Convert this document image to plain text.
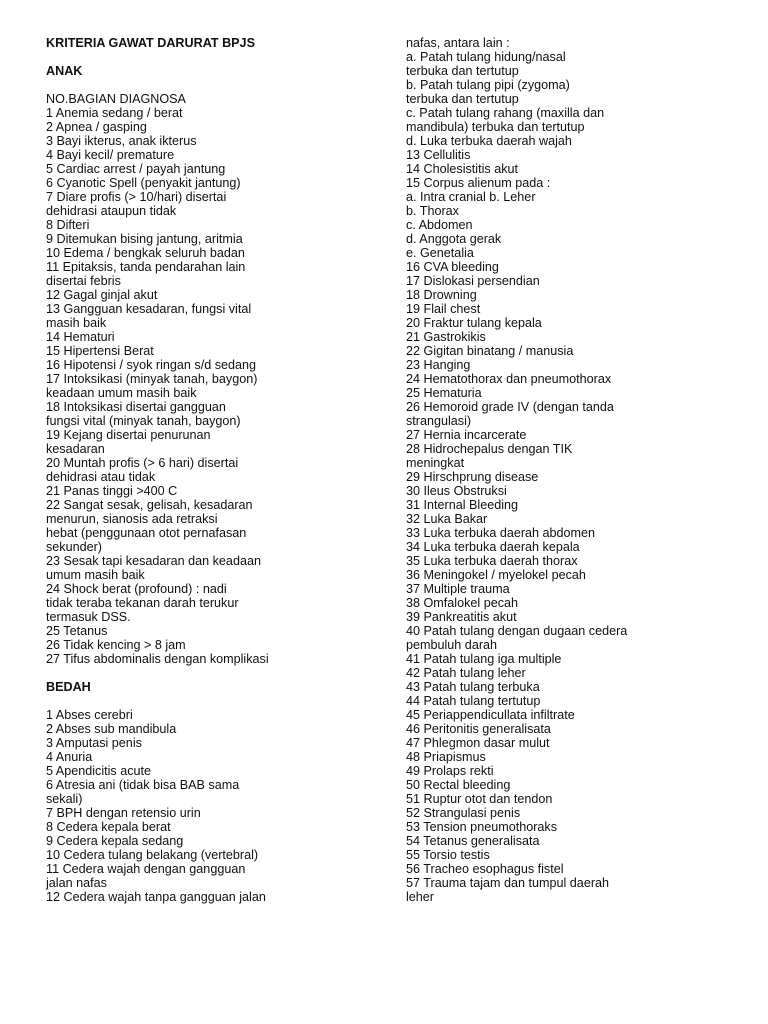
KRITERIA GAWAT DARURAT BPJS
ANAK
NO.BAGIAN DIAGNOSA
1 Anemia sedang / berat
2 Apnea / gasping
3 Bayi ikterus, anak ikterus
4 Bayi kecil/ premature
5 Cardiac arrest / payah jantung
6 Cyanotic Spell (penyakit jantung)
7 Diare profis (> 10/hari) disertai
dehidrasi ataupun tidak
8 Difteri
9 Ditemukan bising jantung, aritmia
10 Edema / bengkak seluruh badan
11 Epitaksis, tanda pendarahan lain
disertai febris
12 Gagal ginjal akut
13 Gangguan kesadaran, fungsi vital
masih baik
14 Hematuri
15 Hipertensi Berat
16 Hipotensi / syok ringan s/d sedang
17 Intoksikasi (minyak tanah, baygon)
keadaan umum masih baik
18 Intoksikasi disertai gangguan
fungsi vital (minyak tanah, baygon)
19 Kejang disertai penurunan
kesadaran
20 Muntah profis (> 6 hari) disertai
dehidrasi atau tidak
21 Panas tinggi >400 C
22 Sangat sesak, gelisah, kesadaran
menurun, sianosis ada retraksi
hebat (penggunaan otot pernafasan
sekunder)
23 Sesak tapi kesadaran dan keadaan
umum masih baik
24 Shock berat (profound) : nadi
tidak teraba tekanan darah terukur
termasuk DSS.
25 Tetanus
26 Tidak kencing > 8 jam
27 Tifus abdominalis dengan komplikasi
BEDAH
1 Abses cerebri
2 Abses sub mandibula
3 Amputasi penis
4 Anuria
5 Apendicitis acute
6 Atresia ani (tidak bisa BAB sama
sekali)
7 BPH dengan retensio urin
8 Cedera kepala berat
9 Cedera kepala sedang
10 Cedera tulang belakang (vertebral)
11 Cedera wajah dengan gangguan
jalan nafas
12 Cedera wajah tanpa gangguan jalan
nafas, antara lain :
a. Patah tulang hidung/nasal
terbuka dan tertutup
b. Patah tulang pipi (zygoma)
terbuka dan tertutup
c. Patah tulang rahang (maxilla dan
mandibula) terbuka dan tertutup
d. Luka terbuka daerah wajah
13 Cellulitis
14 Cholesistitis akut
15 Corpus alienum pada :
a. Intra cranial b. Leher
b. Thorax
c. Abdomen
d. Anggota gerak
e. Genetalia
16 CVA bleeding
17 Dislokasi persendian
18 Drowning
19 Flail chest
20 Fraktur tulang kepala
21 Gastrokikis
22 Gigitan binatang / manusia
23 Hanging
24 Hematothorax dan pneumothorax
25 Hematuria
26 Hemoroid grade IV (dengan tanda
strangulasi)
27 Hernia incarcerate
28 Hidrochepalus dengan TIK
meningkat
29 Hirschprung disease
30 Ileus Obstruksi
31 Internal Bleeding
32 Luka Bakar
33 Luka terbuka daerah abdomen
34 Luka terbuka daerah kepala
35 Luka terbuka daerah thorax
36 Meningokel / myelokel pecah
37 Multiple trauma
38 Omfalokel pecah
39 Pankreatitis akut
40 Patah tulang dengan dugaan cedera
pembuluh darah
41 Patah tulang iga multiple
42 Patah tulang leher
43 Patah tulang terbuka
44 Patah tulang tertutup
45 Periappendicullata infiltrate
46 Peritonitis generalisata
47 Phlegmon dasar mulut
48 Priapismus
49 Prolaps rekti
50 Rectal bleeding
51 Ruptur otot dan tendon
52 Strangulasi penis
53 Tension pneumothoraks
54 Tetanus generalisata
55 Torsio testis
56 Tracheo esophagus fistel
57 Trauma tajam dan tumpul daerah
leher
